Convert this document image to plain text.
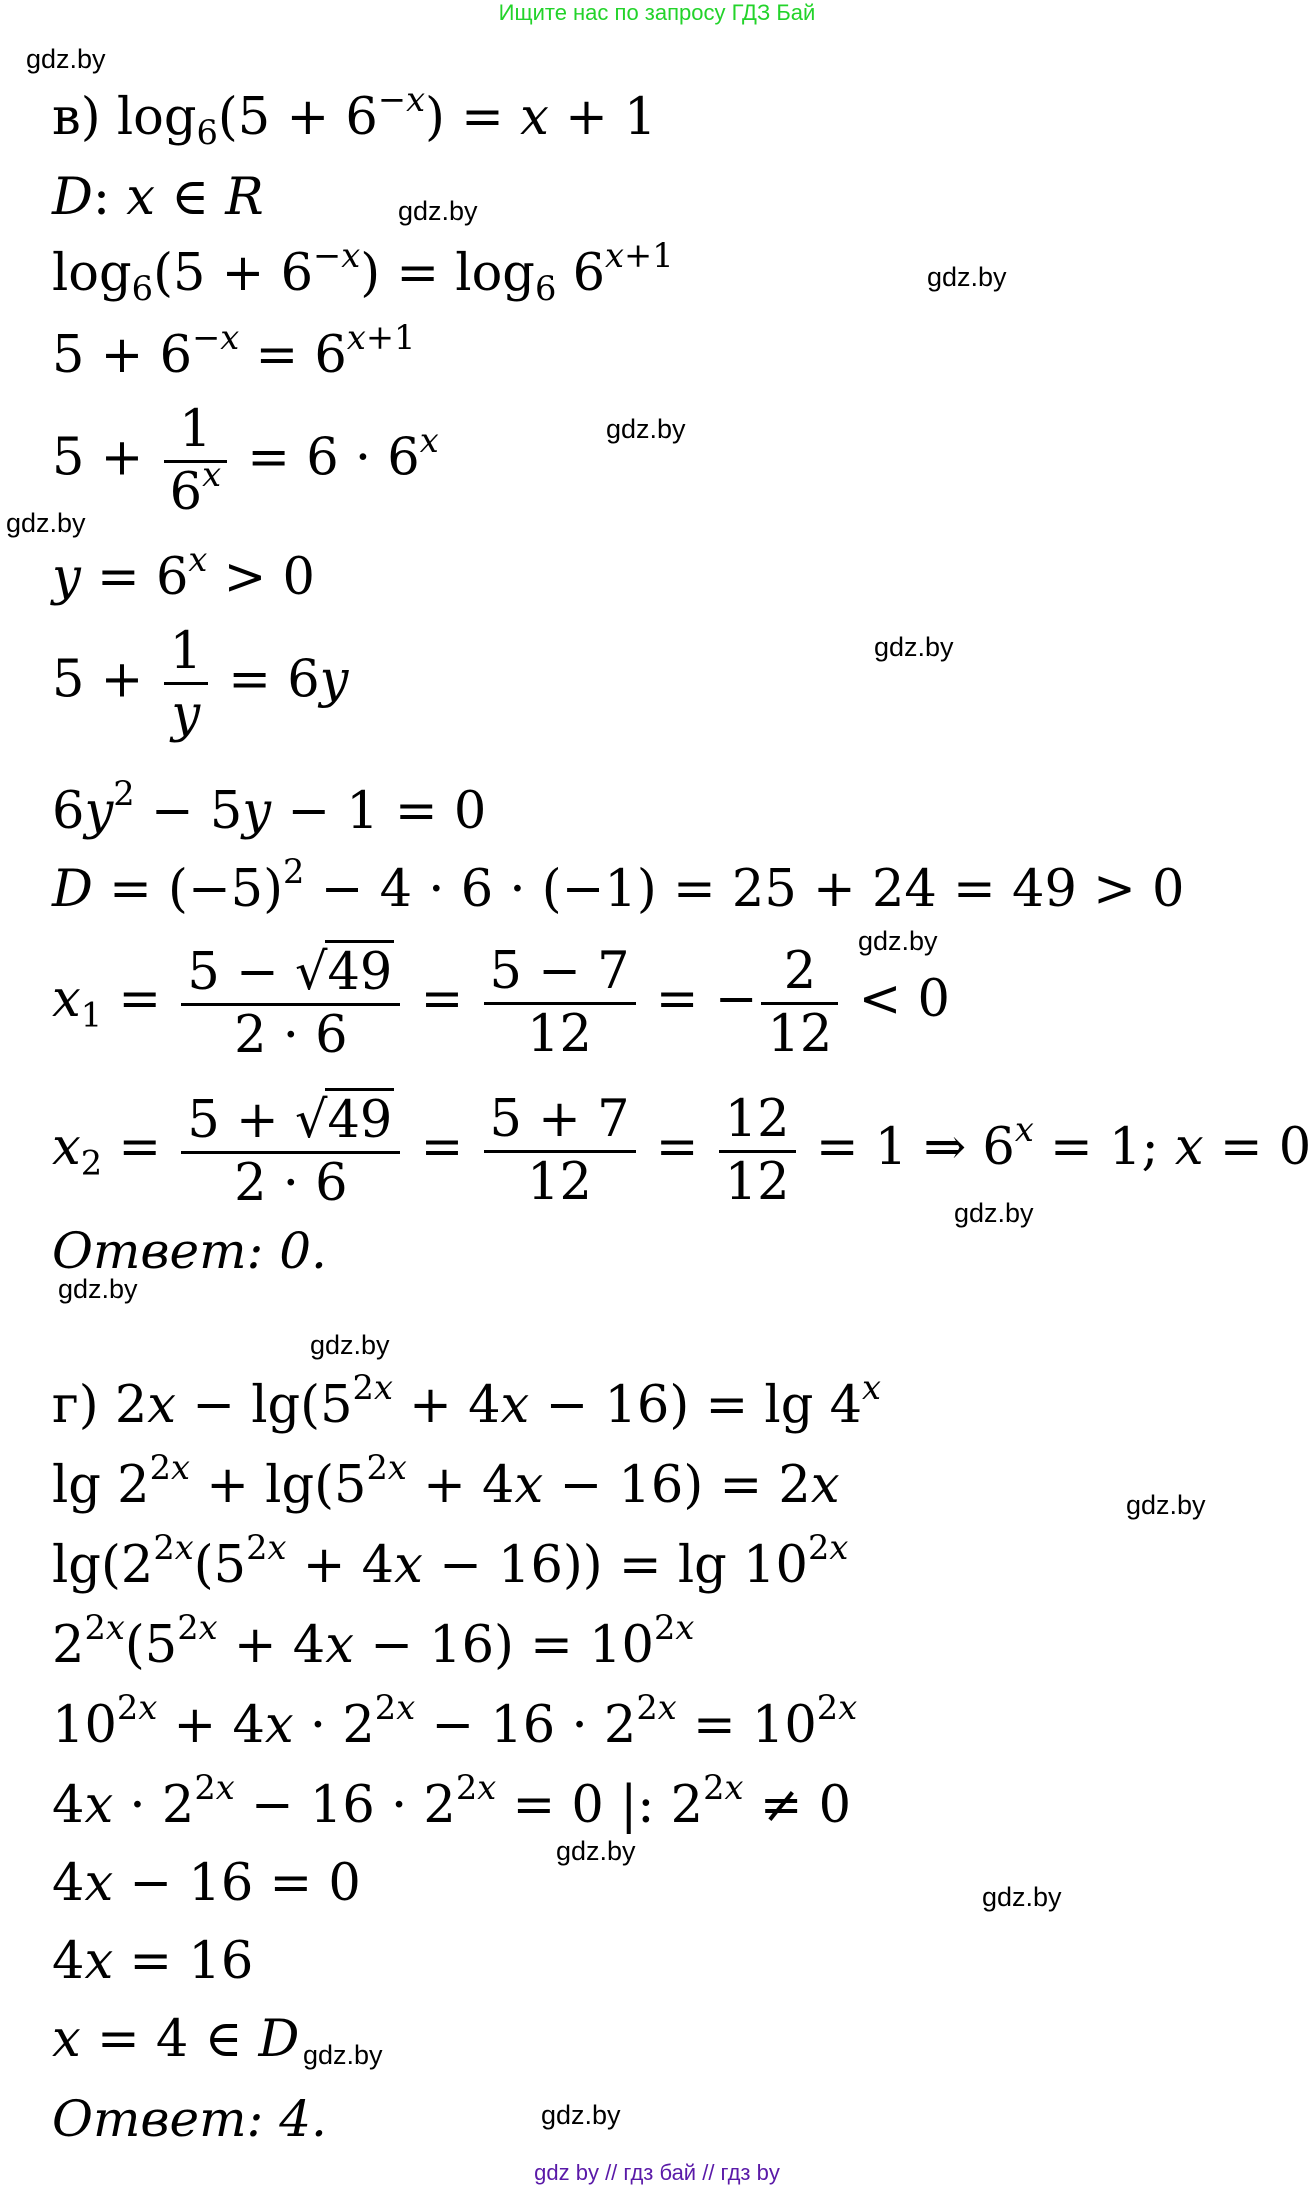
Ищите нас по запросу ГДЗ Бай
в) $\log_6(5 + 6^{-x}) = x + 1$
D: x ∈ R
$\log_6(5 + 6^{-x}) = \log_6 6^{x+1}$
$5 + 6^{-x} = 6^{x+1}$
$5 + \frac{1}{6^x} = 6 \cdot 6^x$
$y = 6^x > 0$
$5 + \frac{1}{y} = 6y$
$6y^2 - 5y - 1 = 0$
$D = (-5)^2 - 4 \cdot 6 \cdot (-1) = 25 + 24 = 49 > 0$
$x_1 = \frac{5 - √49}{2 \cdot 6} = \frac{5 - 7}{12}$ = − $\frac{2}{12} < 0$
$x_2 = \frac{5 + √49}{2 \cdot 6} = \frac{5 + 7}{12} = \frac{12}{12} = 1$ ⇒ $6^x = 1$; x = 0
Ответ: 0.
г) $2x - \lg(5^{2x} + 4x - 16) = \lg 4^x$
$\lg 2^{2x} + \lg(5^{2x} + 4x - 16) = 2x$
$\lg(2^{2x}(5^{2x} + 4x - 16)) = \lg 10^{2x}$
$2^{2x}(5^{2x} + 4x - 16) = 10^{2x}$
$10^{2x} + 4x \cdot 2^{2x} - 16 \cdot 2^{2x} = 10^{2x}$
$4x \cdot 2^{2x} - 16 \cdot 2^{2x} = 0$ |: $2^{2x} \ne 0$
4x − 16 = 0
4x = 16
x = 4 ∈ D
Ответ: 4.
gdz.by
gdz.by
gdz.by
gdz.by
gdz.by
gdz.by
gdz.by
gdz.by
gdz.by
gdz.by
gdz.by
gdz.by
gdz.by
gdz.by
gdz.by
gdz by // гдз бай // гдз by
